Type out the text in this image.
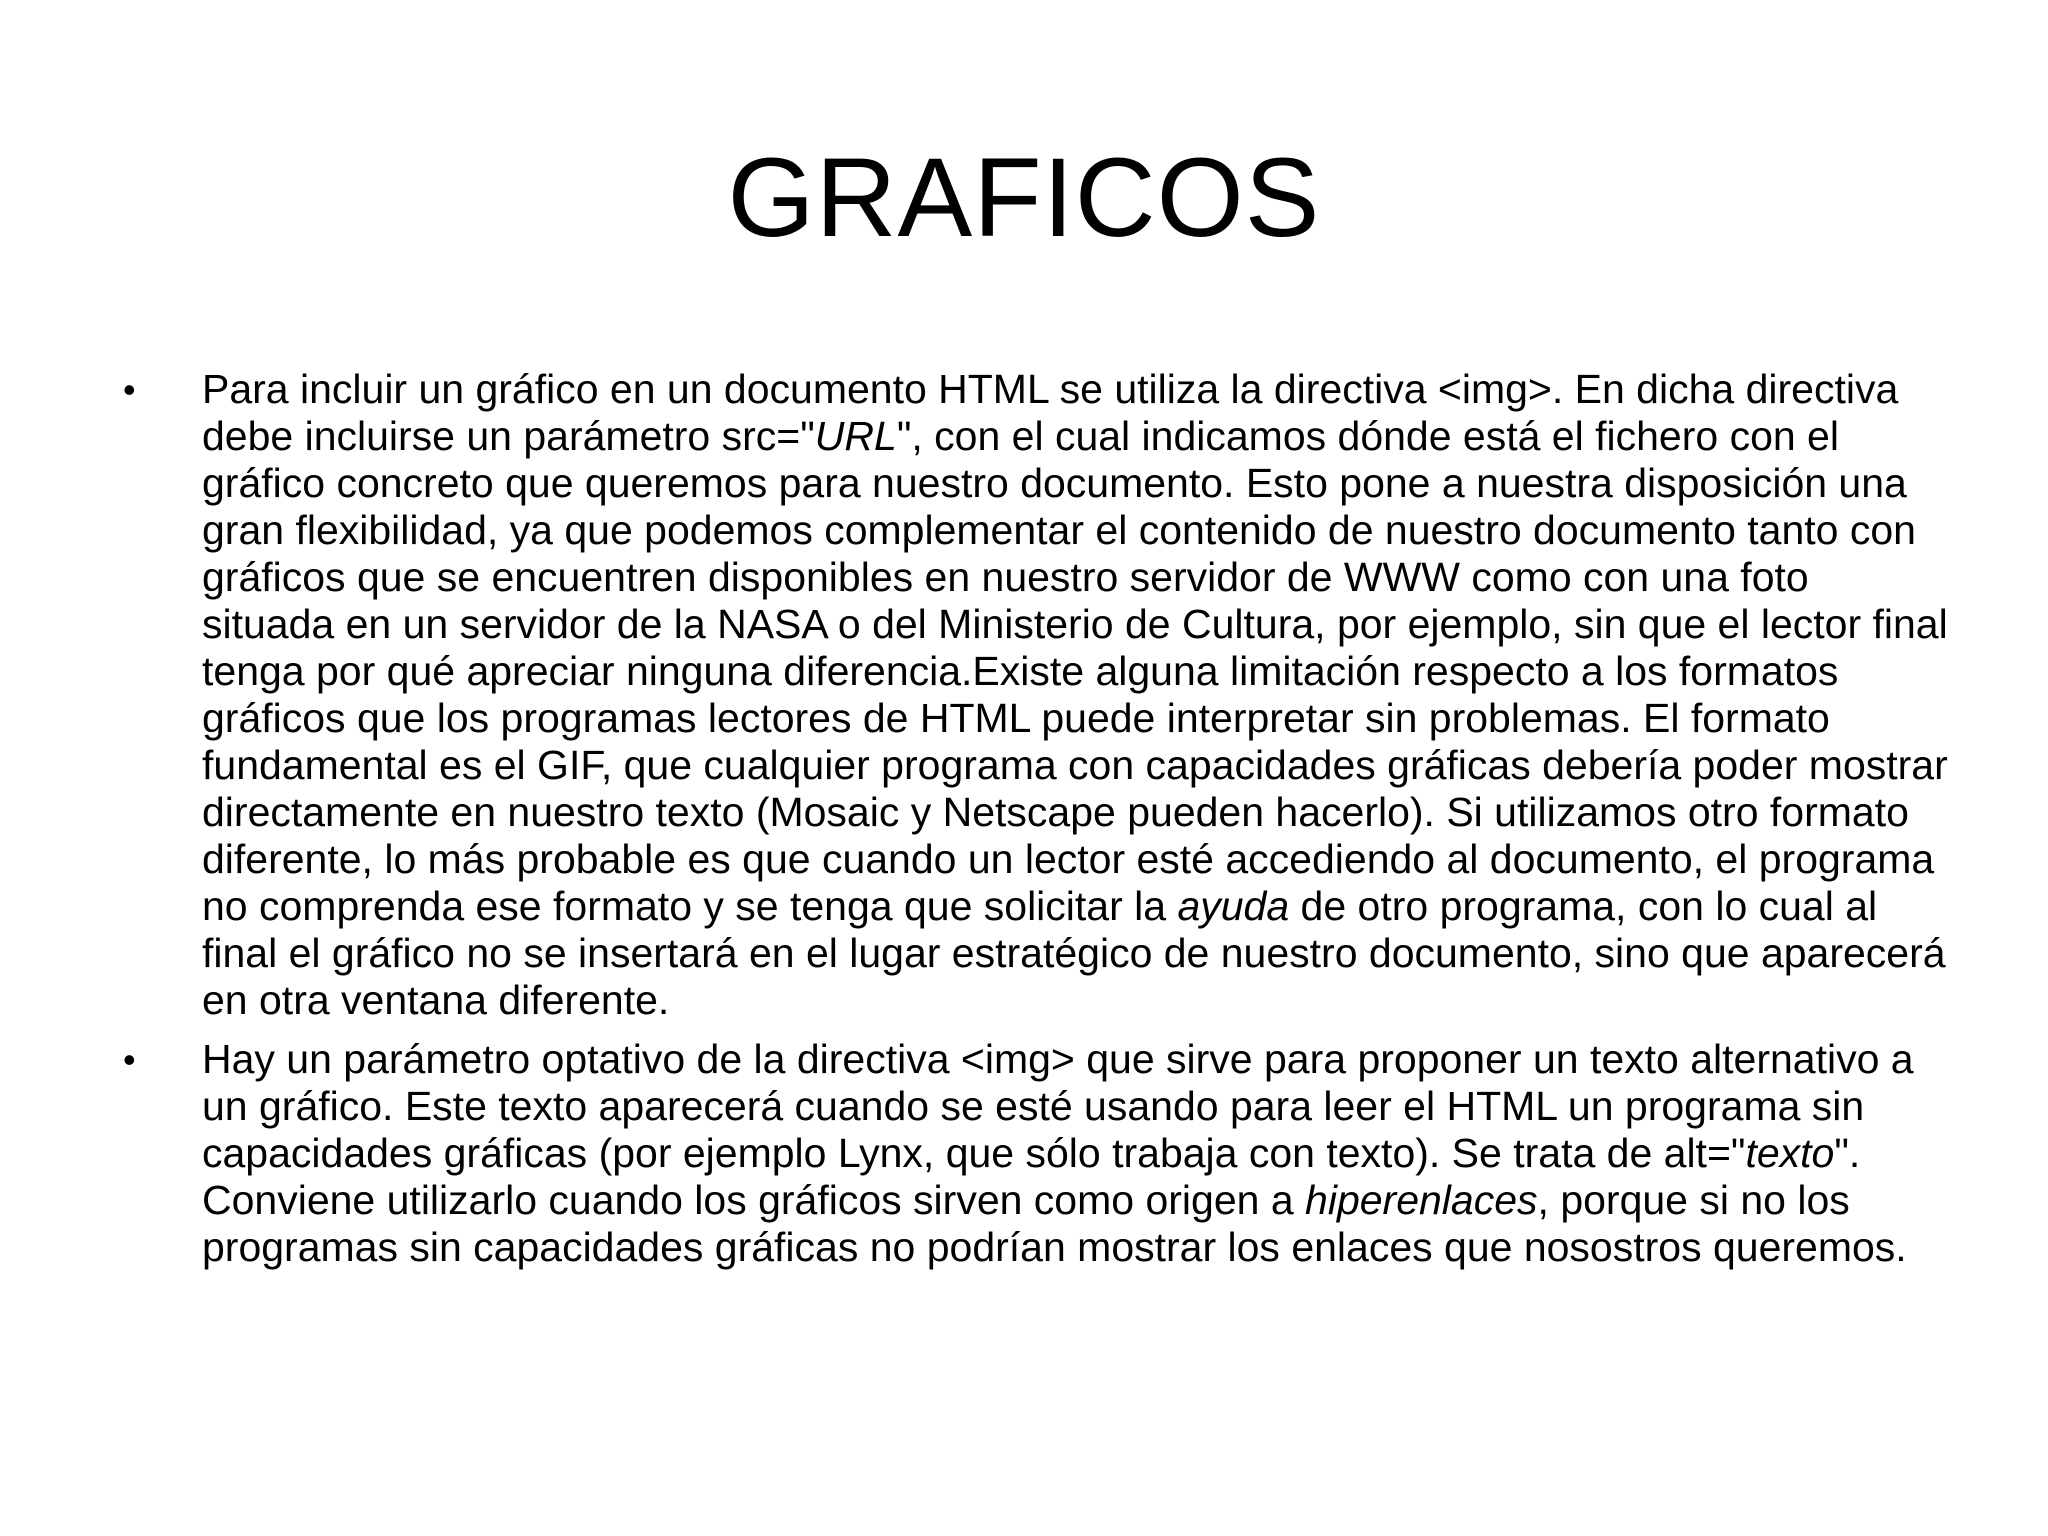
GRAFICOS
• Para incluir un gráfico en un documento HTML se utiliza la directiva <img>. En dicha directiva debe incluirse un parámetro src="URL", con el cual indicamos dónde está el fichero con el gráfico concreto que queremos para nuestro documento. Esto pone a nuestra disposición una gran flexibilidad, ya que podemos complementar el contenido de nuestro documento tanto con gráficos que se encuentren disponibles en nuestro servidor de WWW como con una foto situada en un servidor de la NASA o del Ministerio de Cultura, por ejemplo, sin que el lector final tenga por qué apreciar ninguna diferencia.Existe alguna limitación respecto a los formatos gráficos que los programas lectores de HTML puede interpretar sin problemas. El formato fundamental es el GIF, que cualquier programa con capacidades gráficas debería poder mostrar directamente en nuestro texto (Mosaic y Netscape pueden hacerlo). Si utilizamos otro formato diferente, lo más probable es que cuando un lector esté accediendo al documento, el programa no comprenda ese formato y se tenga que solicitar la ayuda de otro programa, con lo cual al final el gráfico no se insertará en el lugar estratégico de nuestro documento, sino que aparecerá en otra ventana diferente.
• Hay un parámetro optativo de la directiva <img> que sirve para proponer un texto alternativo a un gráfico. Este texto aparecerá cuando se esté usando para leer el HTML un programa sin capacidades gráficas (por ejemplo Lynx, que sólo trabaja con texto). Se trata de alt="texto". Conviene utilizarlo cuando los gráficos sirven como origen a hiperenlaces, porque si no los programas sin capacidades gráficas no podrían mostrar los enlaces que nosostros queremos.
